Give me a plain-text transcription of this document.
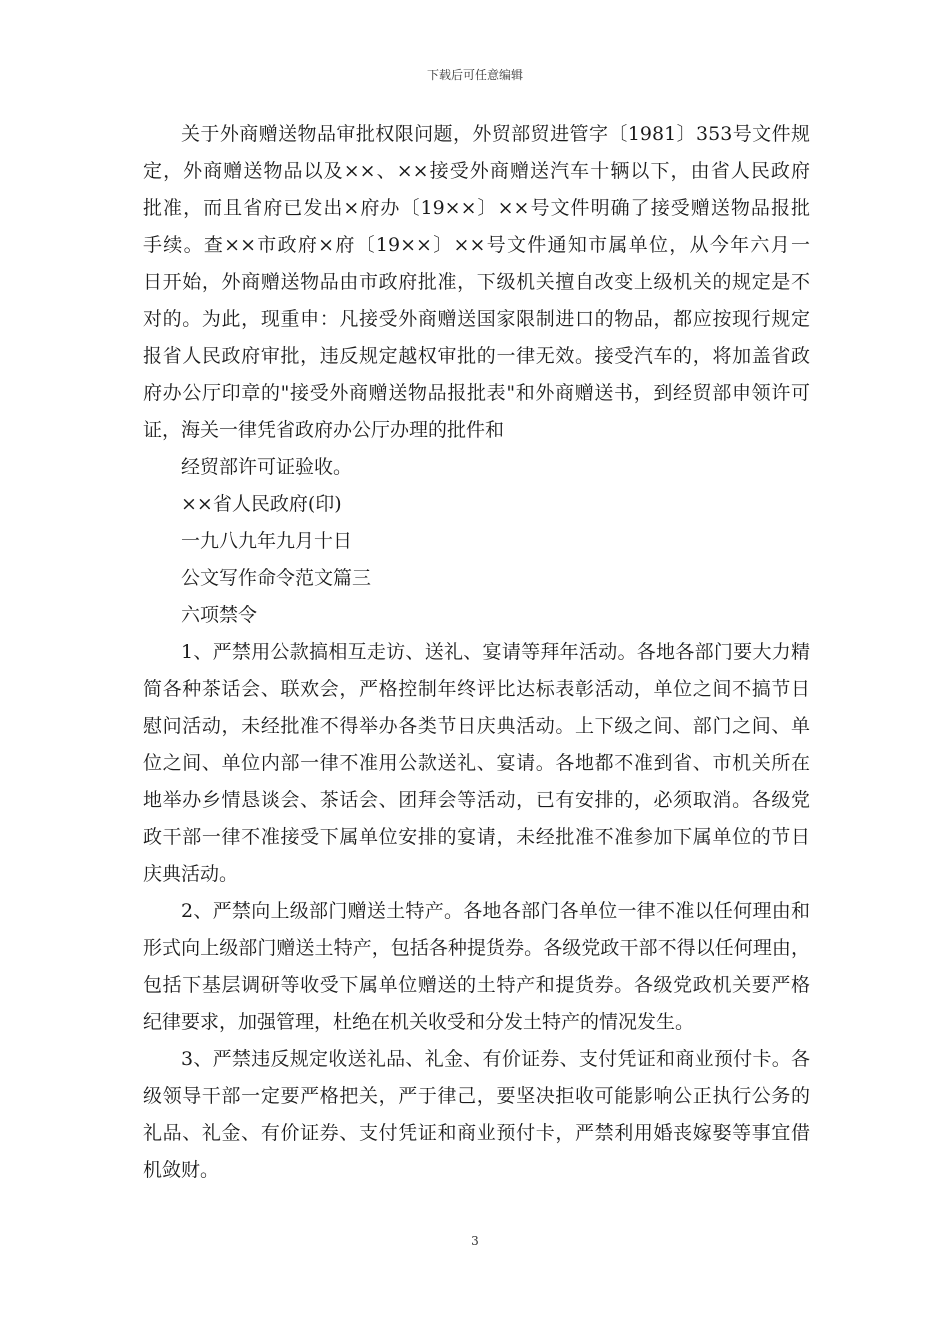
下载后可任意编辑
关于外商赠送物品审批权限问题，外贸部贸进管字〔1981〕353号文件规
定，外商赠送物品以及××、××接受外商赠送汽车十辆以下，由省人民政府
批准，而且省府已发出×府办〔19××〕××号文件明确了接受赠送物品报批
手续。查××市政府×府〔19××〕××号文件通知市属单位，从今年六月一
日开始，外商赠送物品由市政府批准，下级机关擅自改变上级机关的规定是不
对的。为此，现重申：凡接受外商赠送国家限制进口的物品，都应按现行规定
报省人民政府审批，违反规定越权审批的一律无效。接受汽车的，将加盖省政
府办公厅印章的"接受外商赠送物品报批表"和外商赠送书，到经贸部申领许可
证，海关一律凭省政府办公厅办理的批件和
经贸部许可证验收。
××省人民政府(印)
一九八九年九月十日
公文写作命令范文篇三
六项禁令
1、严禁用公款搞相互走访、送礼、宴请等拜年活动。各地各部门要大力精
简各种茶话会、联欢会，严格控制年终评比达标表彰活动，单位之间不搞节日
慰问活动，未经批准不得举办各类节日庆典活动。上下级之间、部门之间、单
位之间、单位内部一律不准用公款送礼、宴请。各地都不准到省、市机关所在
地举办乡情恳谈会、茶话会、团拜会等活动，已有安排的，必须取消。各级党
政干部一律不准接受下属单位安排的宴请，未经批准不准参加下属单位的节日
庆典活动。
2、严禁向上级部门赠送土特产。各地各部门各单位一律不准以任何理由和
形式向上级部门赠送土特产，包括各种提货券。各级党政干部不得以任何理由，
包括下基层调研等收受下属单位赠送的土特产和提货券。各级党政机关要严格
纪律要求，加强管理，杜绝在机关收受和分发土特产的情况发生。
3、严禁违反规定收送礼品、礼金、有价证券、支付凭证和商业预付卡。各
级领导干部一定要严格把关，严于律己，要坚决拒收可能影响公正执行公务的
礼品、礼金、有价证券、支付凭证和商业预付卡，严禁利用婚丧嫁娶等事宜借
机敛财。
3
